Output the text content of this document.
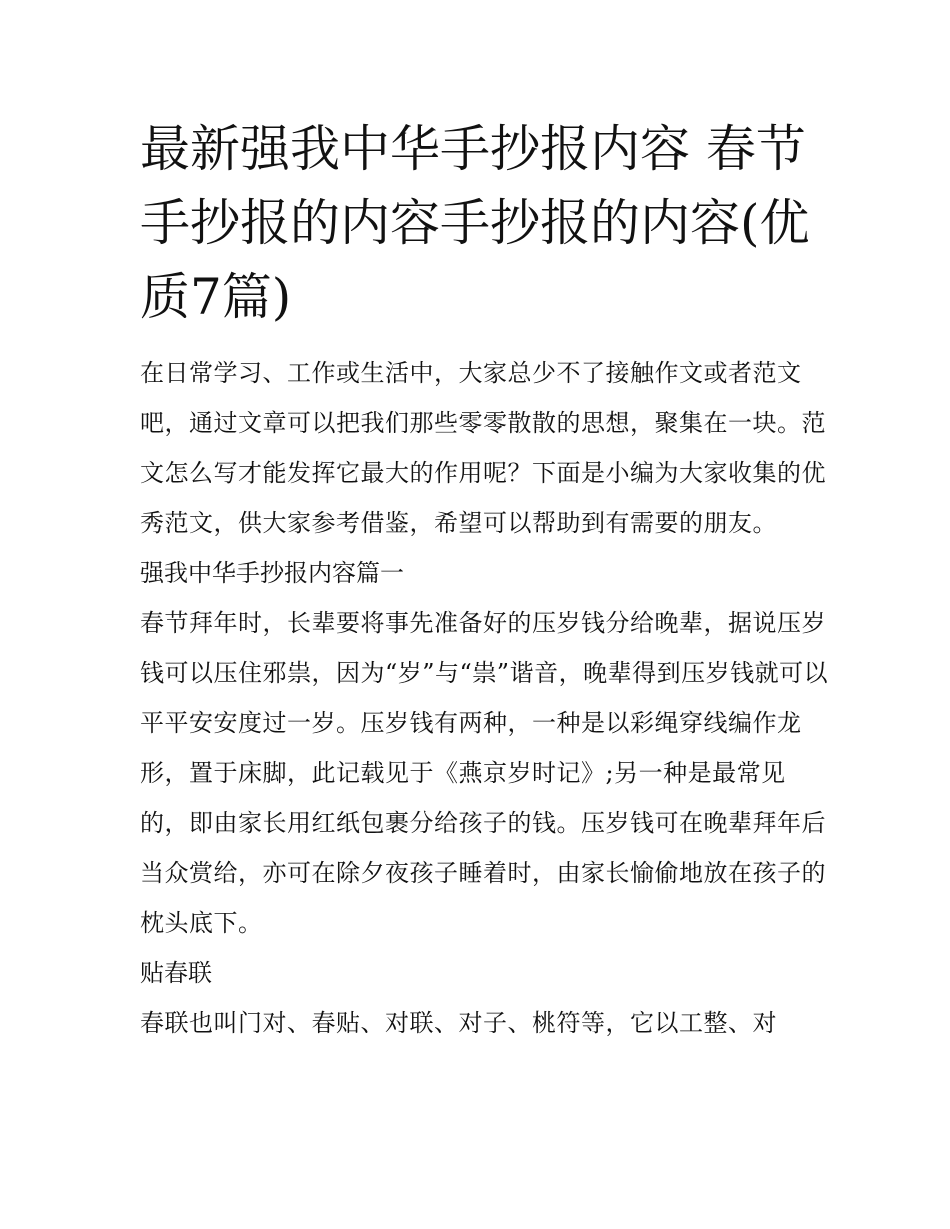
最新强我中华手抄报内容 春节手抄报的内容手抄报的内容(优质7篇)

在日常学习、工作或生活中，大家总少不了接触作文或者范文吧，通过文章可以把我们那些零零散散的思想，聚集在一块。范文怎么写才能发挥它最大的作用呢？下面是小编为大家收集的优秀范文，供大家参考借鉴，希望可以帮助到有需要的朋友。

强我中华手抄报内容篇一

春节拜年时，长辈要将事先准备好的压岁钱分给晚辈，据说压岁钱可以压住邪祟，因为“岁”与“祟”谐音，晚辈得到压岁钱就可以平平安安度过一岁。压岁钱有两种，一种是以彩绳穿线编作龙形，置于床脚，此记载见于《燕京岁时记》;另一种是最常见的，即由家长用红纸包裹分给孩子的钱。压岁钱可在晚辈拜年后当众赏给，亦可在除夕夜孩子睡着时，由家长愉偷地放在孩子的枕头底下。

贴春联

春联也叫门对、春贴、对联、对子、桃符等，它以工整、对
